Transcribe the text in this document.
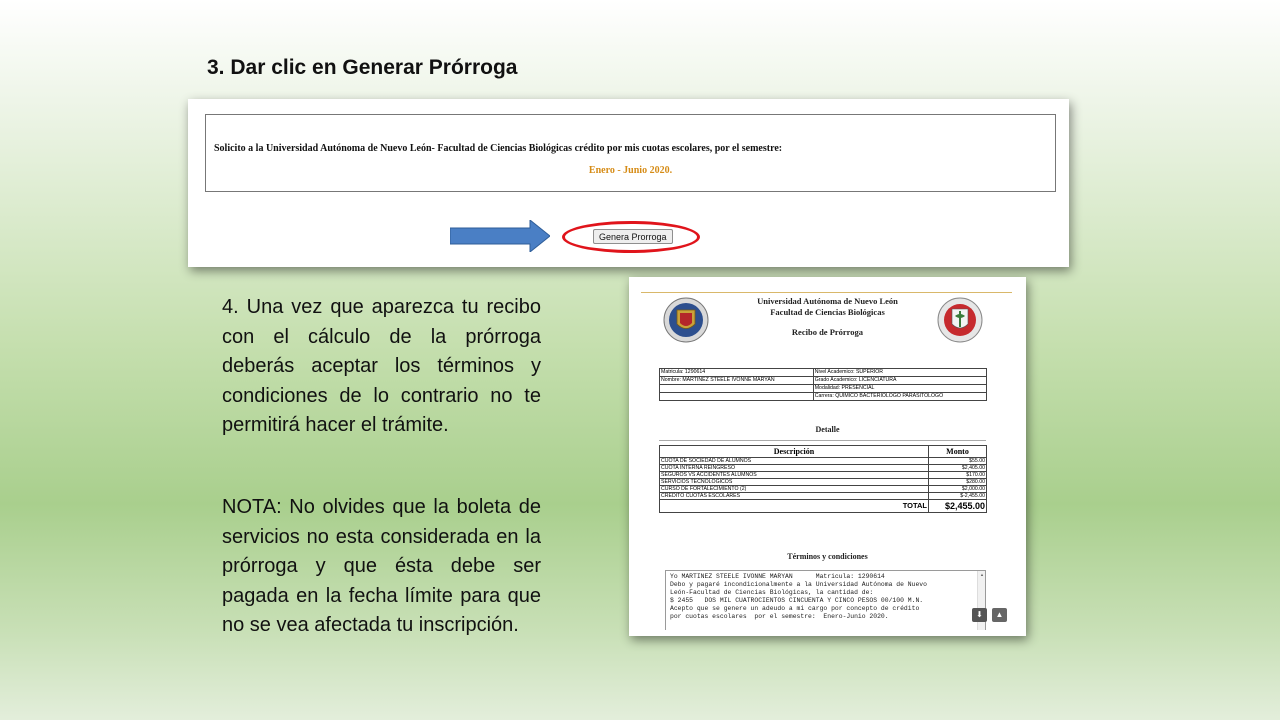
3. Dar clic en Generar Prórroga
Solicito a la Universidad Autónoma de Nuevo León- Facultad de Ciencias Biológicas crédito por mis cuotas escolares, por el semestre:
Enero - Junio 2020.
Genera Prorroga
4. Una vez que aparezca tu recibo con el cálculo de la prórroga deberás aceptar los términos y condiciones de lo contrario no te permitirá hacer el trámite.
NOTA: No olvides que la boleta de servicios no esta considerada en la prórroga y que ésta debe ser pagada en la fecha límite para que no se vea afectada tu inscripción.
Universidad Autónoma de Nuevo León
Facultad de Ciencias Biológicas
Recibo de Prórroga
Matricula: 1290614	Nivel Academico: SUPERIOR
Nombre: MARTINEZ STEELE IVONNE MARYAN	Grado Academico: LICENCIATURA
	Modalidad: PRESENCIAL
	Carrera: QUIMICO BACTERIOLOGO PARASITOLOGO
Detalle
Descripción	Monto
CUOTA DE SOCIEDAD DE ALUMNOS	$55.00
CUOTA INTERNA REINGRESO	$2,405.00
SEGUROS VS ACCIDENTES ALUMNOS	$170.00
SERVICIOS TECNOLOGICOS	$280.00
CURSO DE FORTALECIMIENTO (2)	$2,000.00
CREDITO CUOTAS ESCOLARES	$-2,455.00
TOTAL	$2,455.00
Términos y condiciones
Yo MARTINEZ STEELE IVONNE MARYAN      Matricula: 1290614
Debo y pagaré incondicionalmente a la Universidad Autónoma de Nuevo
León-Facultad de Ciencias Biológicas, la cantidad de:
$ 2455   DOS MIL CUATROCIENTOS CINCUENTA Y CINCO PESOS 00/100 M.N.
Acepto que se genere un adeudo a mi cargo por concepto de crédito
por cuotas escolares  por el semestre:  Enero-Junio 2020.
▲
⬇	▲
